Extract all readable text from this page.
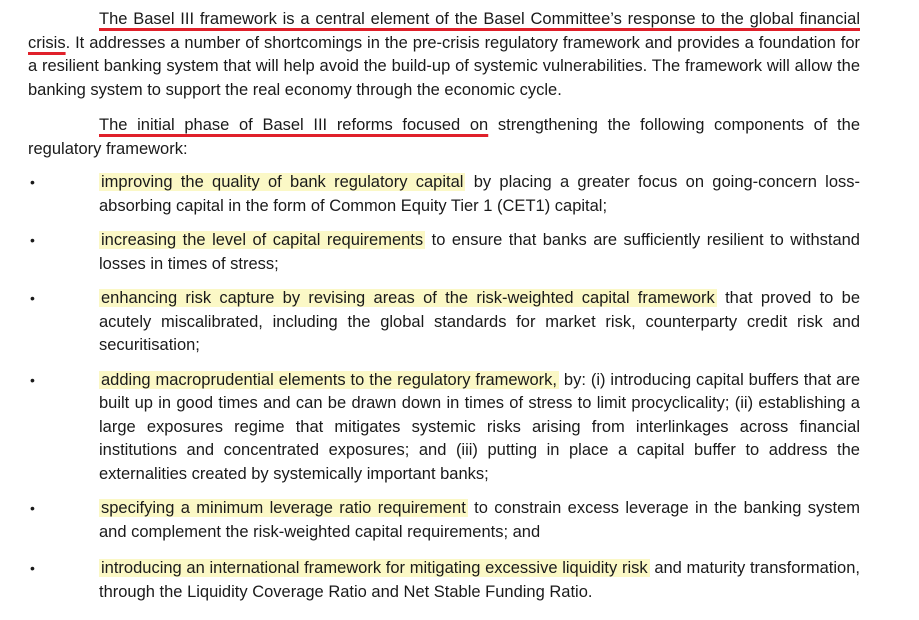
The Basel III framework is a central element of the Basel Committee’s response to the global financial crisis. It addresses a number of shortcomings in the pre-crisis regulatory framework and provides a foundation for a resilient banking system that will help avoid the build-up of systemic vulnerabilities. The framework will allow the banking system to support the real economy through the economic cycle.

The initial phase of Basel III reforms focused on strengthening the following components of the regulatory framework:

•	improving the quality of bank regulatory capital by placing a greater focus on going-concern loss-absorbing capital in the form of Common Equity Tier 1 (CET1) capital;
•	increasing the level of capital requirements to ensure that banks are sufficiently resilient to withstand losses in times of stress;
•	enhancing risk capture by revising areas of the risk-weighted capital framework that proved to be acutely miscalibrated, including the global standards for market risk, counterparty credit risk and securitisation;
•	adding macroprudential elements to the regulatory framework, by: (i) introducing capital buffers that are built up in good times and can be drawn down in times of stress to limit procyclicality; (ii) establishing a large exposures regime that mitigates systemic risks arising from interlinkages across financial institutions and concentrated exposures; and (iii) putting in place a capital buffer to address the externalities created by systemically important banks;
•	specifying a minimum leverage ratio requirement to constrain excess leverage in the banking system and complement the risk-weighted capital requirements; and
•	introducing an international framework for mitigating excessive liquidity risk and maturity transformation, through the Liquidity Coverage Ratio and Net Stable Funding Ratio.
